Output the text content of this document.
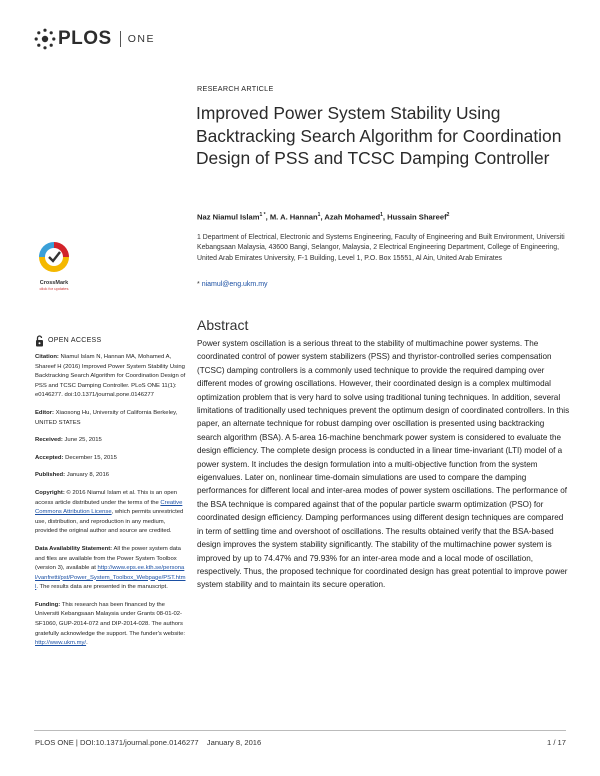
PLOS ONE
RESEARCH ARTICLE
Improved Power System Stability Using Backtracking Search Algorithm for Coordination Design of PSS and TCSC Damping Controller
Naz Niamul Islam$^{1 *}$, M. A. Hannan$^1$, Azah Mohamed$^1$, Hussain Shareef$^2$
1 Department of Electrical, Electronic and Systems Engineering, Faculty of Engineering and Built Environment, Universiti Kebangsaan Malaysia, 43600 Bangi, Selangor, Malaysia, 2 Electrical Engineering Department, College of Engineering, United Arab Emirates University, F-1 Building, Level 1, P.O. Box 15551, Al Ain, United Arab Emirates
* niamul@eng.ukm.my
CrossMark
click for updates
Abstract
Power system oscillation is a serious threat to the stability of multimachine power systems. The coordinated control of power system stabilizers (PSS) and thyristor-controlled series compensation (TCSC) damping controllers is a commonly used technique to provide the required damping over different modes of growing oscillations. However, their coordinated design is a complex multimodal optimization problem that is very hard to solve using traditional tuning techniques. In addition, several limitations of traditionally used techniques prevent the optimum design of coordinated controllers. In this paper, an alternate technique for robust damping over oscillation is presented using backtracking search algorithm (BSA). A 5-area 16-machine benchmark power system is considered to evaluate the design efficiency. The complete design process is conducted in a linear time-invariant (LTI) model of a power system. It includes the design formulation into a multi-objective function from the system eigenvalues. Later on, nonlinear time-domain simulations are used to compare the damping performances for different local and inter-area modes of power system oscillations. The performance of the BSA technique is compared against that of the popular particle swarm optimization (PSO) for coordinated design efficiency. Damping performances using different design techniques are compared in term of settling time and overshoot of oscillations. The results obtained verify that the BSA-based design improves the system stability significantly. The stability of the multimachine power system is improved by up to 74.47% and 79.93% for an inter-area mode and a local mode of oscillation, respectively. Thus, the proposed technique for coordinated design has great potential to improve power system stability and to maintain its secure operation.
OPEN ACCESS

Citation: Niamul Islam N, Hannan MA, Mohamed A, Shareef H (2016) Improved Power System Stability Using Backtracking Search Algorithm for Coordination Design of PSS and TCSC Damping Controller. PLoS ONE 11(1): e0146277. doi:10.1371/journal.pone.0146277

Editor: Xiaosong Hu, University of California Berkeley, UNITED STATES

Received: June 25, 2015

Accepted: December 15, 2015

Published: January 8, 2016

Copyright: © 2016 Niamul Islam et al. This is an open access article distributed under the terms of the Creative Commons Attribution License, which permits unrestricted use, distribution, and reproduction in any medium, provided the original author and source are credited.

Data Availability Statement: All the power system data and files are available from the Power System Toolbox (version 3), available at http://www.eps.ee.kth.se/personal/vanfretti/pst/Power_System_Toolbox_Webpage/PST.html. The results data are presented in the manuscript.

Funding: This research has been financed by the Universiti Kebangsaan Malaysia under Grants 08-01-02-SF1060, GUP-2014-072 and DIP-2014-028. The authors gratefully acknowledge the support. The funder's website: http://www.ukm.my/.

PLOS ONE | DOI:10.1371/journal.pone.0146277 January 8, 2016	1 / 17
